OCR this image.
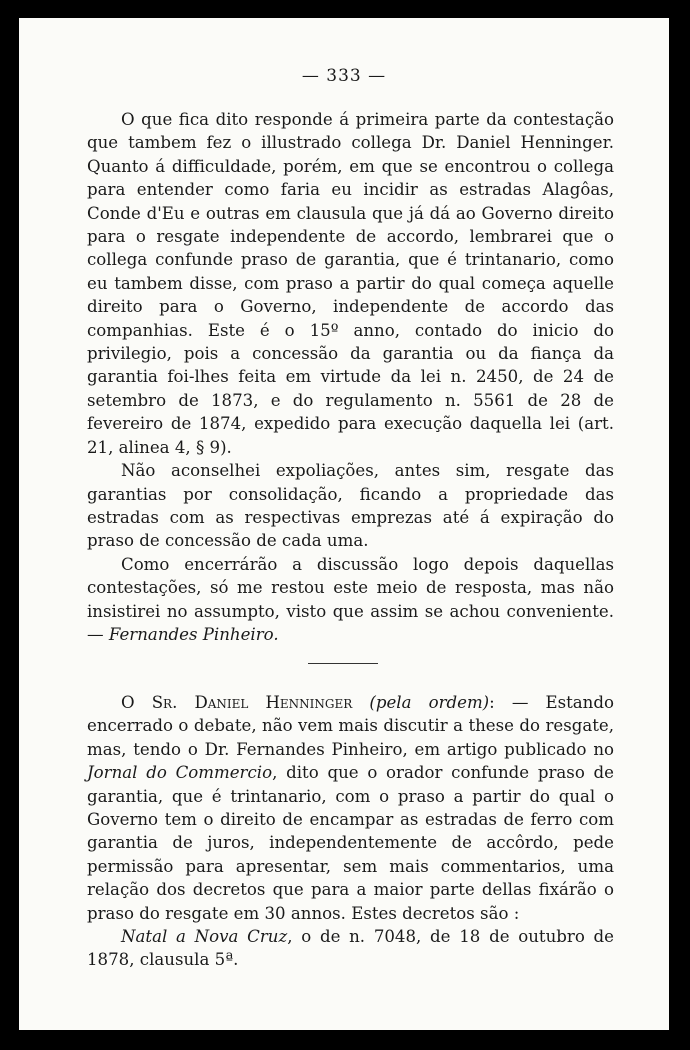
— 333 —

O que fica dito responde á primeira parte da contestação que tambem fez o illustrado collega Dr. Daniel Henninger. Quanto á difficuldade, porém, em que se encontrou o collega para entender como faria eu incidir as estradas Alagôas, Conde d'Eu e outras em clausula que já dá ao Governo direito para o resgate independente de accordo, lembrarei que o collega confunde praso de garantia, que é trintanario, como eu tambem disse, com praso a partir do qual começa aquelle direito para o Governo, independente de accordo das companhias. Este é o 15º anno, contado do inicio do privilegio, pois a concessão da garantia ou da fiança da garantia foi-lhes feita em virtude da lei n. 2450, de 24 de setembro de 1873, e do regulamento n. 5561 de 28 de fevereiro de 1874, expedido para execução daquella lei (art. 21, alinea 4, § 9).

Não aconselhei expoliações, antes sim, resgate das garantias por consolidação, ficando a propriedade das estradas com as respectivas emprezas até á expiração do praso de concessão de cada uma.

Como encerrárão a discussão logo depois daquellas contestações, só me restou este meio de resposta, mas não insistirei no assumpto, visto que assim se achou conveniente. — Fernandes Pinheiro.

O Sr. Daniel Henninger (pela ordem): — Estando encerrado o debate, não vem mais discutir a these do resgate, mas, tendo o Dr. Fernandes Pinheiro, em artigo publicado no Jornal do Commercio, dito que o orador confunde praso de garantia, que é trintanario, com o praso a partir do qual o Governo tem o direito de encampar as estradas de ferro com garantia de juros, independentemente de accôrdo, pede permissão para apresentar, sem mais commentarios, uma relação dos decretos que para a maior parte dellas fixárão o praso do resgate em 30 annos. Estes decretos são :

Natal a Nova Cruz, o de n. 7048, de 18 de outubro de 1878, clausula 5ª.
